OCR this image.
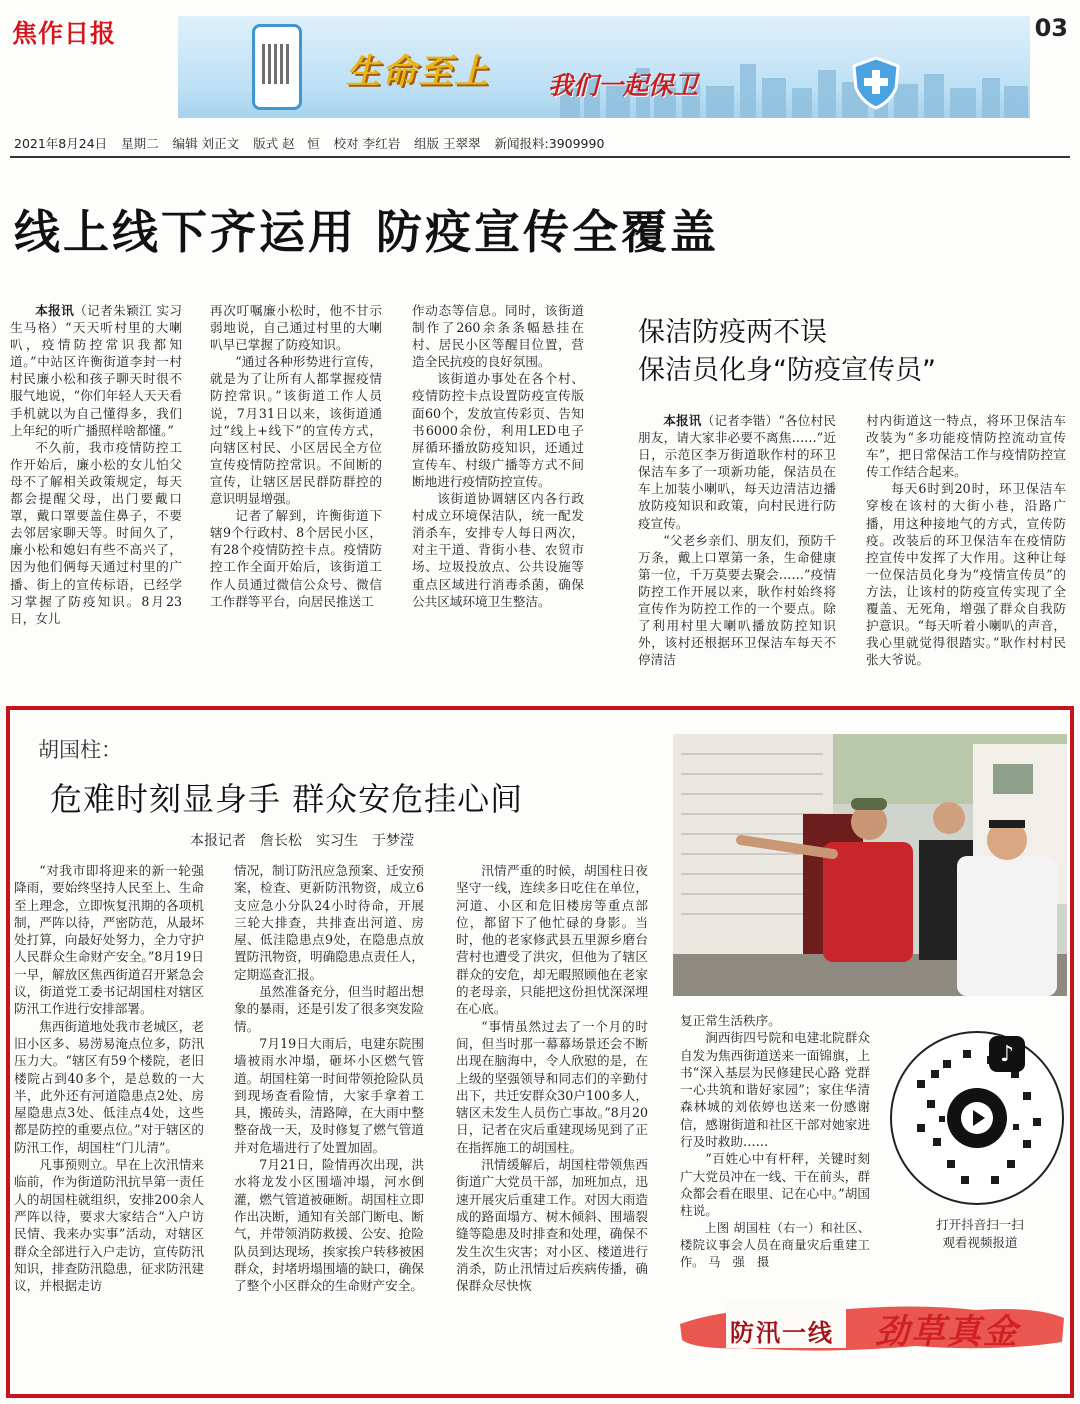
焦作日报
生命至上 我们一起保卫
03
2021年8月24日 星期二 编辑 刘正文 版式 赵　恒 校对 李红岩 组版 王翠翠 新闻报料:3909990
线上线下齐运用 防疫宣传全覆盖

本报讯（记者朱颖江 实习生马格）“天天听村里的大喇叭，疫情防控常识我都知道。”中站区许衡街道李封一村村民廉小松和孩子聊天时很不服气地说，“你们年轻人天天看手机就以为自己懂得多，我们上年纪的听广播照样啥都懂。”

不久前，我市疫情防控工作开始后，廉小松的女儿怕父母不了解相关政策规定，每天都会提醒父母，出门要戴口罩，戴口罩要盖住鼻子，不要去邻居家聊天等。时间久了，廉小松和媳妇有些不高兴了，因为他们俩每天通过村里的广播、街上的宣传标语，已经学习掌握了防疫知识。8月23日，女儿

再次叮嘱廉小松时，他不甘示弱地说，自己通过村里的大喇叭早已掌握了防疫知识。

“通过各种形势进行宣传，就是为了让所有人都掌握疫情防控常识。”该街道工作人员说，7月31日以来，该街道通过“线上+线下”的宣传方式，向辖区村民、小区居民全方位宣传疫情防控常识。不间断的宣传，让辖区居民群防群控的意识明显增强。

记者了解到，许衡街道下辖9个行政村、8个居民小区，有28个疫情防控卡点。疫情防控工作全面开始后，该街道工作人员通过微信公众号、微信工作群等平台，向居民推送工

作动态等信息。同时，该街道制作了260余条条幅悬挂在村、居民小区等醒目位置，营造全民抗疫的良好氛围。

该街道办事处在各个村、疫情防控卡点设置防疫宣传版面60个，发放宣传彩页、告知书6000余份，利用LED电子屏循环播放防疫知识，还通过宣传车、村级广播等方式不间断地进行疫情防控宣传。

该街道协调辖区内各行政村成立环境保洁队，统一配发消杀车，安排专人每日两次，对主干道、背街小巷、农贸市场、垃圾投放点、公共设施等重点区域进行消毒杀菌，确保公共区域环境卫生整洁。

保洁防疫两不误
保洁员化身“防疫宣传员”

本报讯（记者李锴）“各位村民朋友，请大家非必要不离焦……”近日，示范区李万街道耿作村的环卫保洁车多了一项新功能，保洁员在车上加装小喇叭，每天边清洁边播放防疫知识和政策，向村民进行防疫宣传。

“父老乡亲们、朋友们，预防千万条，戴上口罩第一条，生命健康第一位，千万莫要去聚会……”疫情防控工作开展以来，耿作村始终将宣传作为防控工作的一个要点。除了利用村里大喇叭播放防控知识外，该村还根据环卫保洁车每天不停清洁

村内街道这一特点，将环卫保洁车改装为“多功能疫情防控流动宣传车”，把日常保洁工作与疫情防控宣传工作结合起来。

每天6时到20时，环卫保洁车穿梭在该村的大街小巷，沿路广播，用这种接地气的方式，宣传防疫。改装后的环卫保洁车在疫情防控宣传中发挥了大作用。这种让每一位保洁员化身为“疫情宣传员”的方法，让该村的防疫宣传实现了全覆盖、无死角，增强了群众自我防护意识。“每天听着小喇叭的声音，我心里就觉得很踏实。”耿作村村民张大爷说。

胡国柱：
危难时刻显身手 群众安危挂心间
本报记者　詹长松　实习生　于梦滢

“对我市即将迎来的新一轮强降雨，要始终坚持人民至上、生命至上理念，立即恢复汛期的各项机制，严阵以待，严密防范，从最坏处打算，向最好处努力，全力守护人民群众生命财产安全。”8月19日一早，解放区焦西街道召开紧急会议，街道党工委书记胡国柱对辖区防汛工作进行安排部署。

焦西街道地处我市老城区，老旧小区多、易涝易淹点位多，防汛压力大。“辖区有59个楼院，老旧楼院占到40多个，是总数的一大半，此外还有河道隐患点2处、房屋隐患点3处、低洼点4处，这些都是防控的重要点位。”对于辖区的防汛工作，胡国柱“门儿清”。

凡事预则立。早在上次汛情来临前，作为街道防汛抗旱第一责任人的胡国柱就组织，安排200余人严阵以待，要求大家结合“入户访民情、我来办实事”活动，对辖区群众全部进行入户走访，宣传防汛知识，排查防汛隐患，征求防汛建议，并根据走访

情况，制订防汛应急预案、迁安预案，检查、更新防汛物资，成立6支应急小分队24小时待命，开展三轮大排查，共排查出河道、房屋、低洼隐患点9处，在隐患点放置防汛物资，明确隐患点责任人，定期巡查汇报。

虽然准备充分，但当时超出想象的暴雨，还是引发了很多突发险情。

7月19日大雨后，电建东院围墙被雨水冲塌，砸坏小区燃气管道。胡国柱第一时间带领抢险队员到现场查看险情，大家手拿着工具，搬砖头，清路障，在大雨中整整奋战一天，及时修复了燃气管道并对危墙进行了处置加固。

7月21日，险情再次出现，洪水将龙发小区围墙冲塌，河水倒灌，燃气管道被砸断。胡国柱立即作出决断，通知有关部门断电、断气，并带领消防救援、公安、抢险队员到达现场，挨家挨户转移被困群众，封堵坍塌围墙的缺口，确保了整个小区群众的生命财产安全。

汛情严重的时候，胡国柱日夜坚守一线，连续多日吃住在单位，河道、小区和危旧楼房等重点部位，都留下了他忙碌的身影。当时，他的老家修武县五里源乡磨台营村也遭受了洪灾，但他为了辖区群众的安危，却无暇照顾他在老家的老母亲，只能把这份担忧深深埋在心底。

“事情虽然过去了一个月的时间，但当时那一幕幕场景还会不断出现在脑海中，令人欣慰的是，在上级的坚强领导和同志们的辛勤付出下，共迁安群众30户100多人，辖区未发生人员伤亡事故。”8月20日，记者在灾后重建现场见到了正在指挥施工的胡国柱。

汛情缓解后，胡国柱带领焦西街道广大党员干部，加班加点，迅速开展灾后重建工作。对因大雨造成的路面塌方、树木倾斜、围墙裂缝等隐患及时排查和处理，确保不发生次生灾害；对小区、楼道进行消杀，防止汛情过后疾病传播，确保群众尽快恢

复正常生活秩序。

涧西街四号院和电建北院群众自发为焦西街道送来一面锦旗，上书“深入基层为民修建民心路 党群一心共筑和谐好家园”；家住华清森林城的刘依婷也送来一份感谢信，感谢街道和社区干部对她家进行及时救助……

“百姓心中有杆秤，关键时刻广大党员冲在一线、干在前头，群众都会看在眼里、记在心中。”胡国柱说。

上图 胡国柱（右一）和社区、楼院议事会人员在商量灾后重建工作。 马　强　摄

♪
打开抖音扫一扫
观看视频报道
防汛一线 劲草真金
